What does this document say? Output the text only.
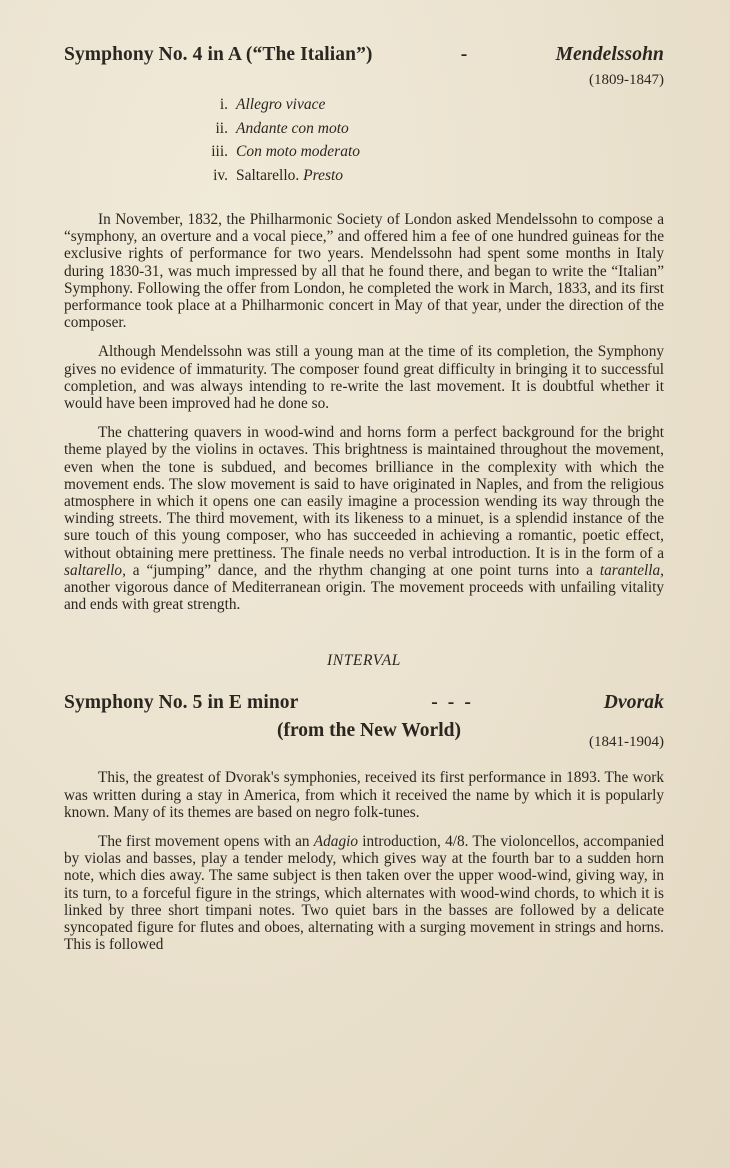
Symphony No. 4 in A (“The Italian”)	-	Mendelssohn
(1809-1847)
i. Allegro vivace
ii. Andante con moto
iii. Con moto moderato
iv. Saltarello. Presto

In November, 1832, the Philharmonic Society of London asked Mendelssohn to compose a “symphony, an overture and a vocal piece,” and offered him a fee of one hundred guineas for the exclusive rights of performance for two years. Mendelssohn had spent some months in Italy during 1830-31, was much impressed by all that he found there, and began to write the “Italian” Symphony. Following the offer from London, he completed the work in March, 1833, and its first performance took place at a Philharmonic concert in May of that year, under the direction of the composer.

Although Mendelssohn was still a young man at the time of its completion, the Symphony gives no evidence of immaturity. The composer found great difficulty in bringing it to successful completion, and was always intending to re-write the last movement. It is doubtful whether it would have been improved had he done so.

The chattering quavers in wood-wind and horns form a perfect background for the bright theme played by the violins in octaves. This brightness is maintained throughout the movement, even when the tone is subdued, and becomes brilliance in the complexity with which the movement ends. The slow movement is said to have originated in Naples, and from the religious atmosphere in which it opens one can easily imagine a procession wending its way through the winding streets. The third movement, with its likeness to a minuet, is a splendid instance of the sure touch of this young composer, who has succeeded in achieving a romantic, poetic effect, without obtaining mere prettiness. The finale needs no verbal introduction. It is in the form of a saltarello, a “jumping” dance, and the rhythm changing at one point turns into a tarantella, another vigorous dance of Mediterranean origin. The movement proceeds with unfailing vitality and ends with great strength.

INTERVAL
Symphony No. 5 in E minor	-  -  -	Dvorak
(from the New World)
(1841-1904)

This, the greatest of Dvorak's symphonies, received its first performance in 1893. The work was written during a stay in America, from which it received the name by which it is popularly known. Many of its themes are based on negro folk-tunes.

The first movement opens with an Adagio introduction, 4/8. The violoncellos, accompanied by violas and basses, play a tender melody, which gives way at the fourth bar to a sudden horn note, which dies away. The same subject is then taken over the upper wood-wind, giving way, in its turn, to a forceful figure in the strings, which alternates with wood-wind chords, to which it is linked by three short timpani notes. Two quiet bars in the basses are followed by a delicate syncopated figure for flutes and oboes, alternating with a surging movement in strings and horns. This is followed
